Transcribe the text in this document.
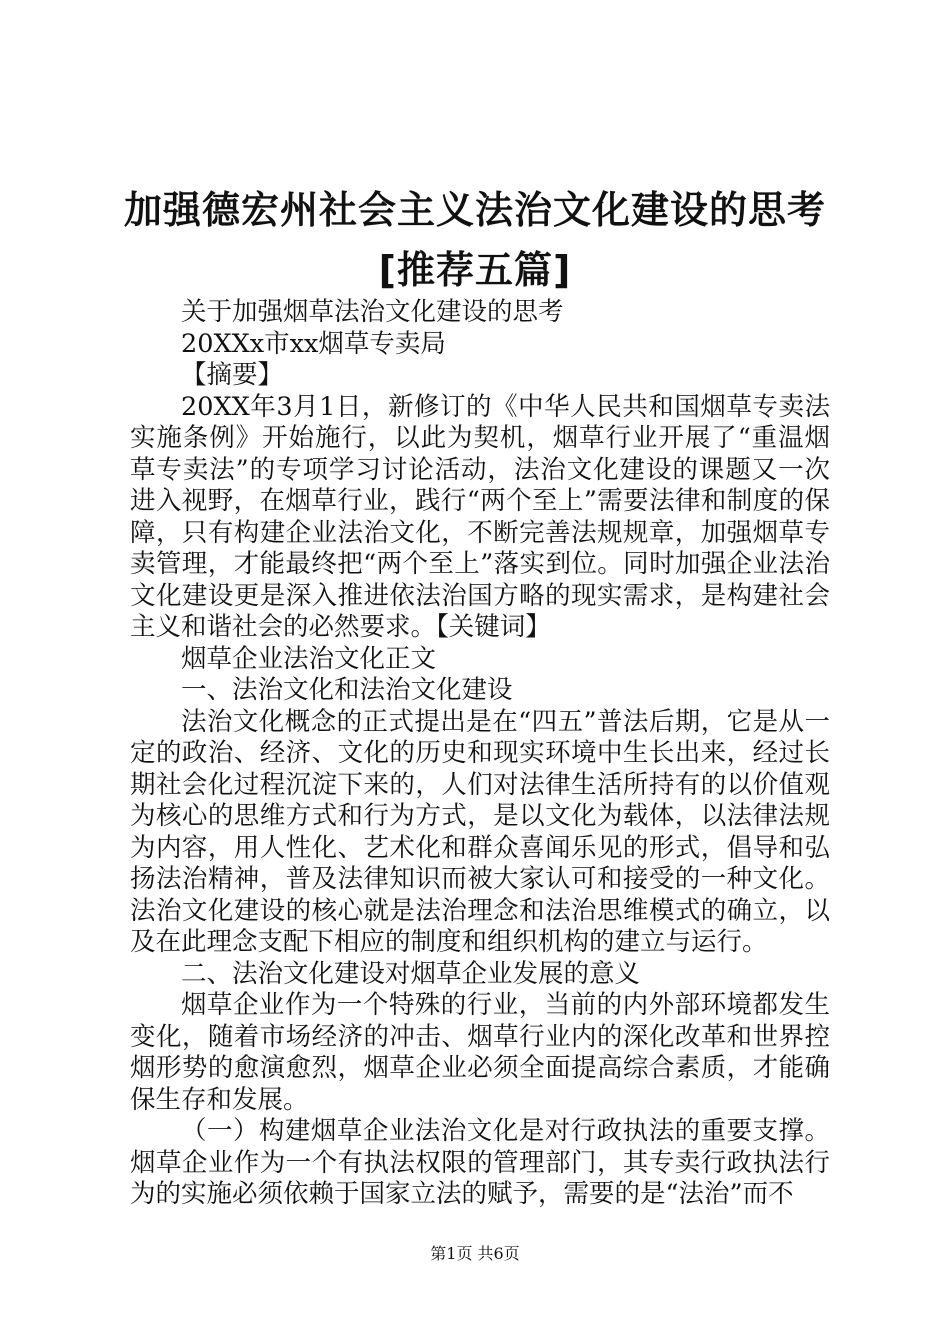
加强德宏州社会主义法治文化建设的思考[推荐五篇]

关于加强烟草法治文化建设的思考

20XXx市xx烟草专卖局

【摘要】

20XX年3月1日，新修订的《中华人民共和国烟草专卖法实施条例》开始施行，以此为契机，烟草行业开展了“重温烟草专卖法”的专项学习讨论活动，法治文化建设的课题又一次进入视野，在烟草行业，践行“两个至上”需要法律和制度的保障，只有构建企业法治文化，不断完善法规规章，加强烟草专卖管理，才能最终把“两个至上”落实到位。同时加强企业法治文化建设更是深入推进依法治国方略的现实需求，是构建社会主义和谐社会的必然要求。【关键词】

烟草企业法治文化正文

一、法治文化和法治文化建设

法治文化概念的正式提出是在“四五”普法后期，它是从一定的政治、经济、文化的历史和现实环境中生长出来，经过长期社会化过程沉淀下来的，人们对法律生活所持有的以价值观为核心的思维方式和行为方式，是以文化为载体，以法律法规为内容，用人性化、艺术化和群众喜闻乐见的形式，倡导和弘扬法治精神，普及法律知识而被大家认可和接受的一种文化。法治文化建设的核心就是法治理念和法治思维模式的确立，以及在此理念支配下相应的制度和组织机构的建立与运行。

二、法治文化建设对烟草企业发展的意义

烟草企业作为一个特殊的行业，当前的内外部环境都发生变化，随着市场经济的冲击、烟草行业内的深化改革和世界控烟形势的愈演愈烈，烟草企业必须全面提高综合素质，才能确保生存和发展。

（一）构建烟草企业法治文化是对行政执法的重要支撑。烟草企业作为一个有执法权限的管理部门，其专卖行政执法行为的实施必须依赖于国家立法的赋予，需要的是“法治”而不

第1页 共6页
